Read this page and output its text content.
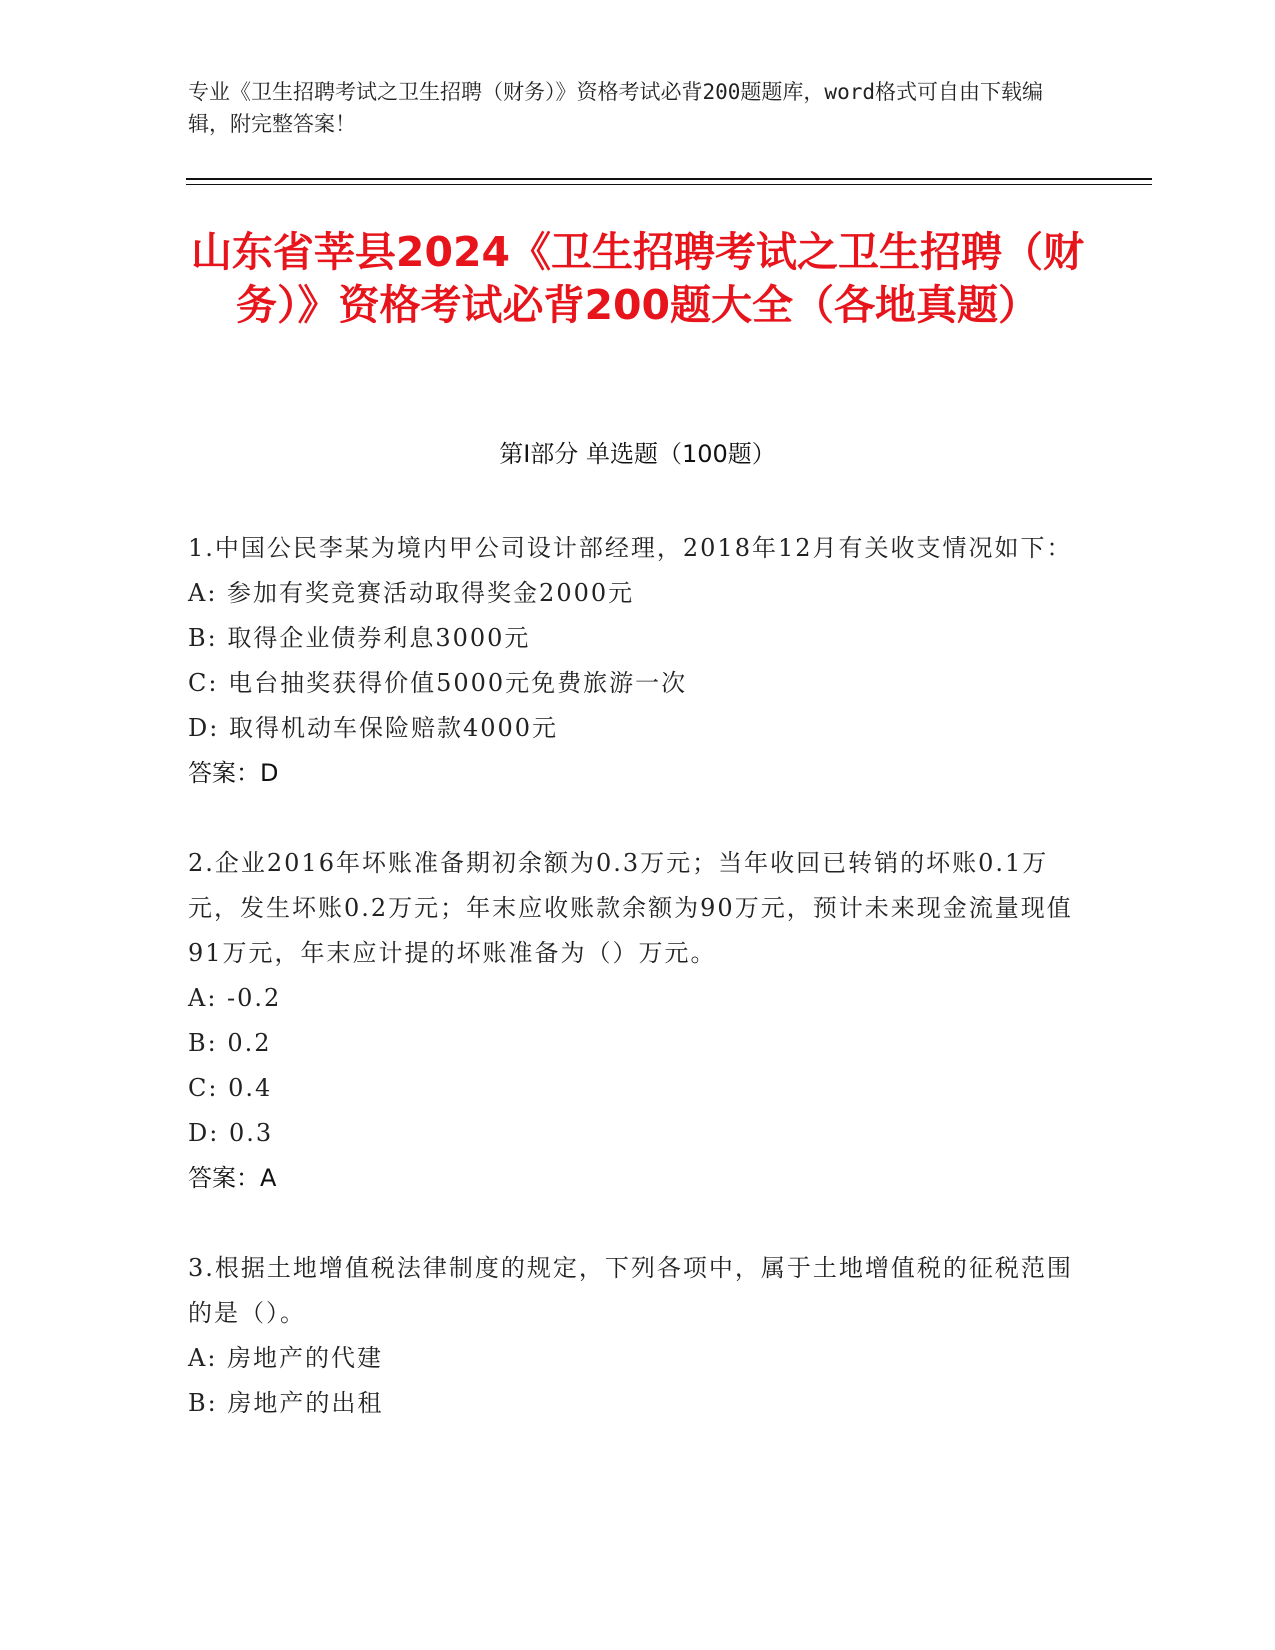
专业《卫生招聘考试之卫生招聘（财务）》资格考试必背200题题库，word格式可自由下载编辑，附完整答案！
山东省莘县2024《卫生招聘考试之卫生招聘（财务）》资格考试必背200题大全（各地真题）
第Ⅰ部分 单选题（100题）

1.中国公民李某为境内甲公司设计部经理，2018年12月有关收支情况如下：

A: 参加有奖竞赛活动取得奖金2000元

B: 取得企业债券利息3000元

C: 电台抽奖获得价值5000元免费旅游一次

D: 取得机动车保险赔款4000元

答案：D

2.企业2016年坏账准备期初余额为0.3万元；当年收回已转销的坏账0.1万元，发生坏账0.2万元；年末应收账款余额为90万元，预计未来现金流量现值91万元，年末应计提的坏账准备为（）万元。

A: -0.2

B: 0.2

C: 0.4

D: 0.3

答案：A

3.根据土地增值税法律制度的规定，下列各项中，属于土地增值税的征税范围的是（）。

A: 房地产的代建

B: 房地产的出租
